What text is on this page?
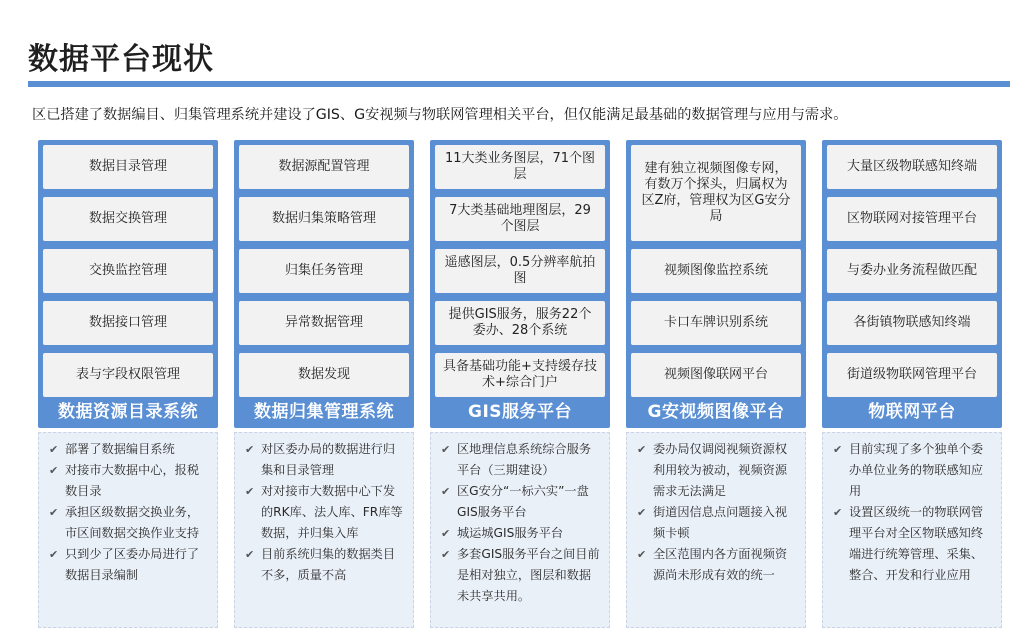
数据平台现状
区已搭建了数据编目、归集管理系统并建设了GIS、G安视频与物联网管理相关平台，但仅能满足最基础的数据管理与应用与需求。
数据目录管理
数据交换管理
交换监控管理
数据接口管理
表与字段权限管理
数据资源目录系统
数据源配置管理
数据归集策略管理
归集任务管理
异常数据管理
数据发现
数据归集管理系统
11大类业务图层，71个图层
7大类基础地理图层，29个图层
遥感图层，0.5分辨率航拍图
提供GIS服务，服务22个委办、28个系统
具备基础功能+支持缓存技术+综合门户
GIS服务平台
建有独立视频图像专网，有数万个探头，归属权为区Z府，管理权为区G安分局
视频图像监控系统
卡口车牌识别系统
视频图像联网平台
G安视频图像平台
大量区级物联感知终端
区物联网对接管理平台
与委办业务流程做匹配
各街镇物联感知终端
街道级物联网管理平台
物联网平台
✔ 部署了数据编目系统
✔ 对接市大数据中心，报税数目录
✔ 承担区级数据交换业务，市区间数据交换作业支持
✔ 只到少了区委办局进行了数据目录编制
✔ 对区委办局的数据进行归集和目录管理
✔ 对对接市大数据中心下发的RK库、法人库、FR库等数据，并归集入库
✔ 目前系统归集的数据类目不多，质量不高
✔ 区地理信息系统综合服务平台（三期建设）
✔ 区G安分“一标六实”一盘GIS服务平台
✔ 城运城GIS服务平台
✔ 多套GIS服务平台之间目前是相对独立，图层和数据未共享共用。
✔ 委办局仅调阅视频资源权利用较为被动，视频资源需求无法满足
✔ 街道因信息点问题接入视频卡顿
✔ 全区范围内各方面视频资源尚未形成有效的统一
✔ 目前实现了多个独单个委办单位业务的物联感知应用
✔ 设置区级统一的物联网管理平台对全区物联感知终端进行统筹管理、采集、整合、开发和行业应用
